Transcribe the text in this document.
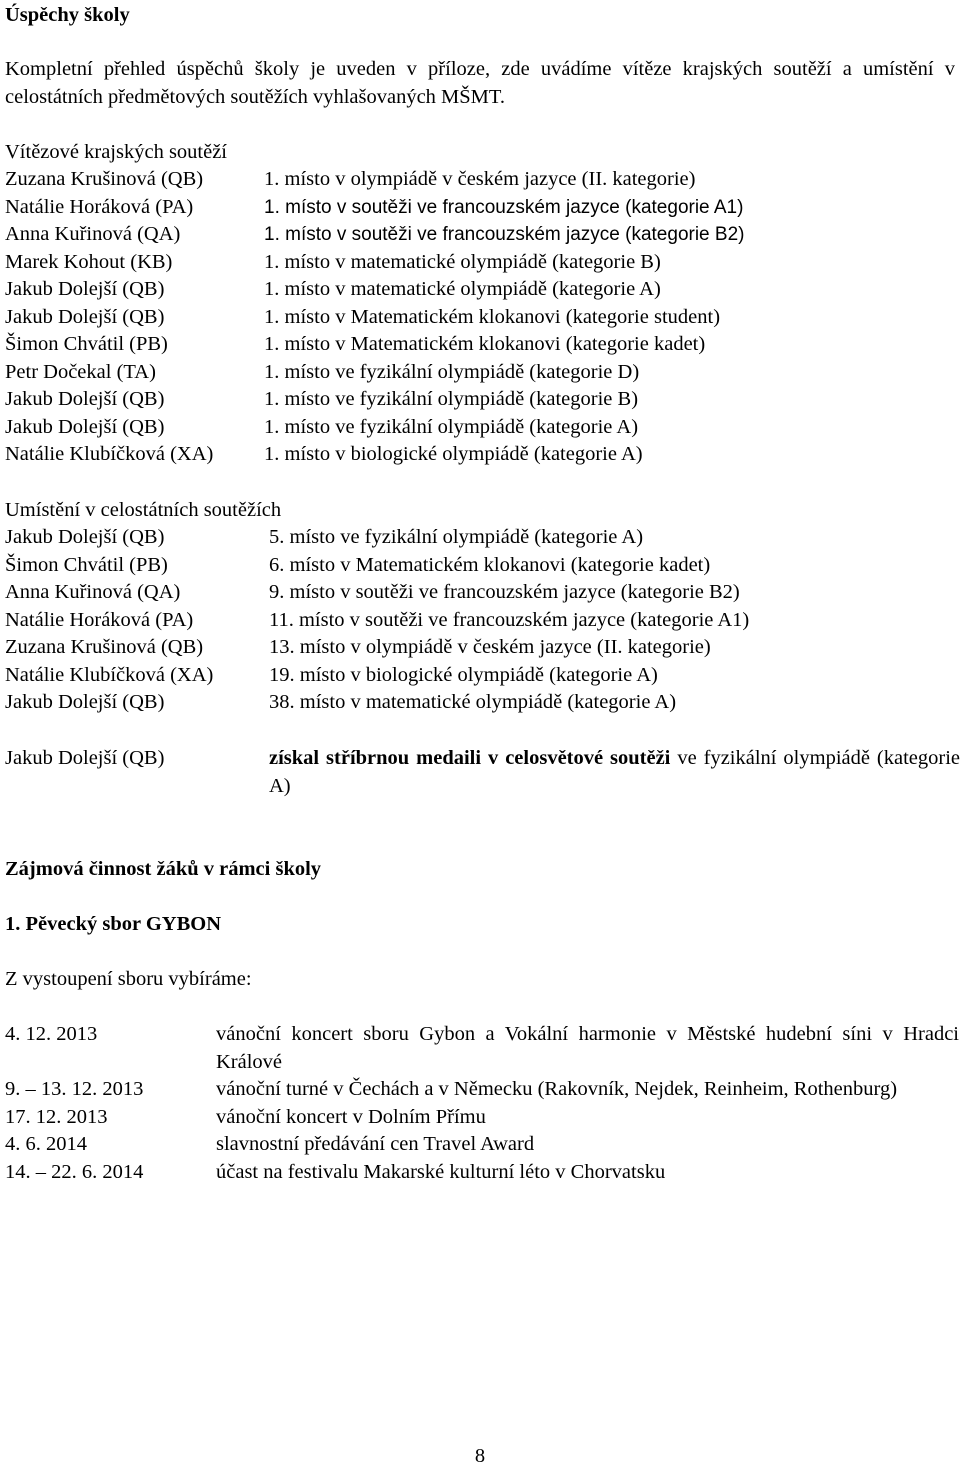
Úspěchy školy

Kompletní přehled úspěchů školy je uveden v příloze, zde uvádíme vítěze krajských soutěží a umístění v celostátních předmětových soutěžích vyhlašovaných MŠMT.

Vítězové krajských soutěží

Zuzana Krušinová (QB)	1. místo v olympiádě v českém jazyce (II. kategorie)
Natálie Horáková (PA)	1. místo v soutěži ve francouzském jazyce (kategorie A1)
Anna Kuřinová (QA)	1. místo v soutěži ve francouzském jazyce (kategorie B2)
Marek Kohout (KB)	1. místo v matematické olympiádě (kategorie B)
Jakub Dolejší (QB)	1. místo v matematické olympiádě (kategorie A)
Jakub Dolejší (QB)	1. místo v Matematickém klokanovi (kategorie student)
Šimon Chvátil (PB)	1. místo v Matematickém klokanovi (kategorie kadet)
Petr Dočekal (TA)	1. místo ve fyzikální olympiádě (kategorie D)
Jakub Dolejší (QB)	1. místo ve fyzikální olympiádě (kategorie B)
Jakub Dolejší (QB)	1. místo ve fyzikální olympiádě (kategorie A)
Natálie Klubíčková (XA)	1. místo v biologické olympiádě (kategorie A)

Umístění v celostátních soutěžích

Jakub Dolejší (QB)	5. místo ve fyzikální olympiádě (kategorie A)
Šimon Chvátil (PB)	6. místo v Matematickém klokanovi (kategorie kadet)
Anna Kuřinová (QA)	9. místo v soutěži ve francouzském jazyce (kategorie B2)
Natálie Horáková (PA)	11. místo v soutěži ve francouzském jazyce (kategorie A1)
Zuzana Krušinová (QB)	13. místo v olympiádě v českém jazyce (II. kategorie)
Natálie Klubíčková (XA)	19. místo v biologické olympiádě (kategorie A)
Jakub Dolejší (QB)	38. místo v matematické olympiádě (kategorie A)
Jakub Dolejší (QB)	získal stříbrnou medaili v celosvětové soutěži ve fyzikální olympiádě (kategorie A)
Zájmová činnost žáků v rámci školy
1. Pěvecký sbor GYBON

Z vystoupení sboru vybíráme:

4. 12. 2013	vánoční koncert sboru Gybon a Vokální harmonie v Městské hudební síni v Hradci Králové
9. – 13. 12. 2013	vánoční turné v Čechách a v Německu (Rakovník, Nejdek, Reinheim, Rothenburg)
17. 12. 2013	vánoční koncert v Dolním Přímu
4. 6. 2014	slavnostní předávání cen Travel Award
14. – 22. 6. 2014	účast na festivalu Makarské kulturní léto v Chorvatsku

8
